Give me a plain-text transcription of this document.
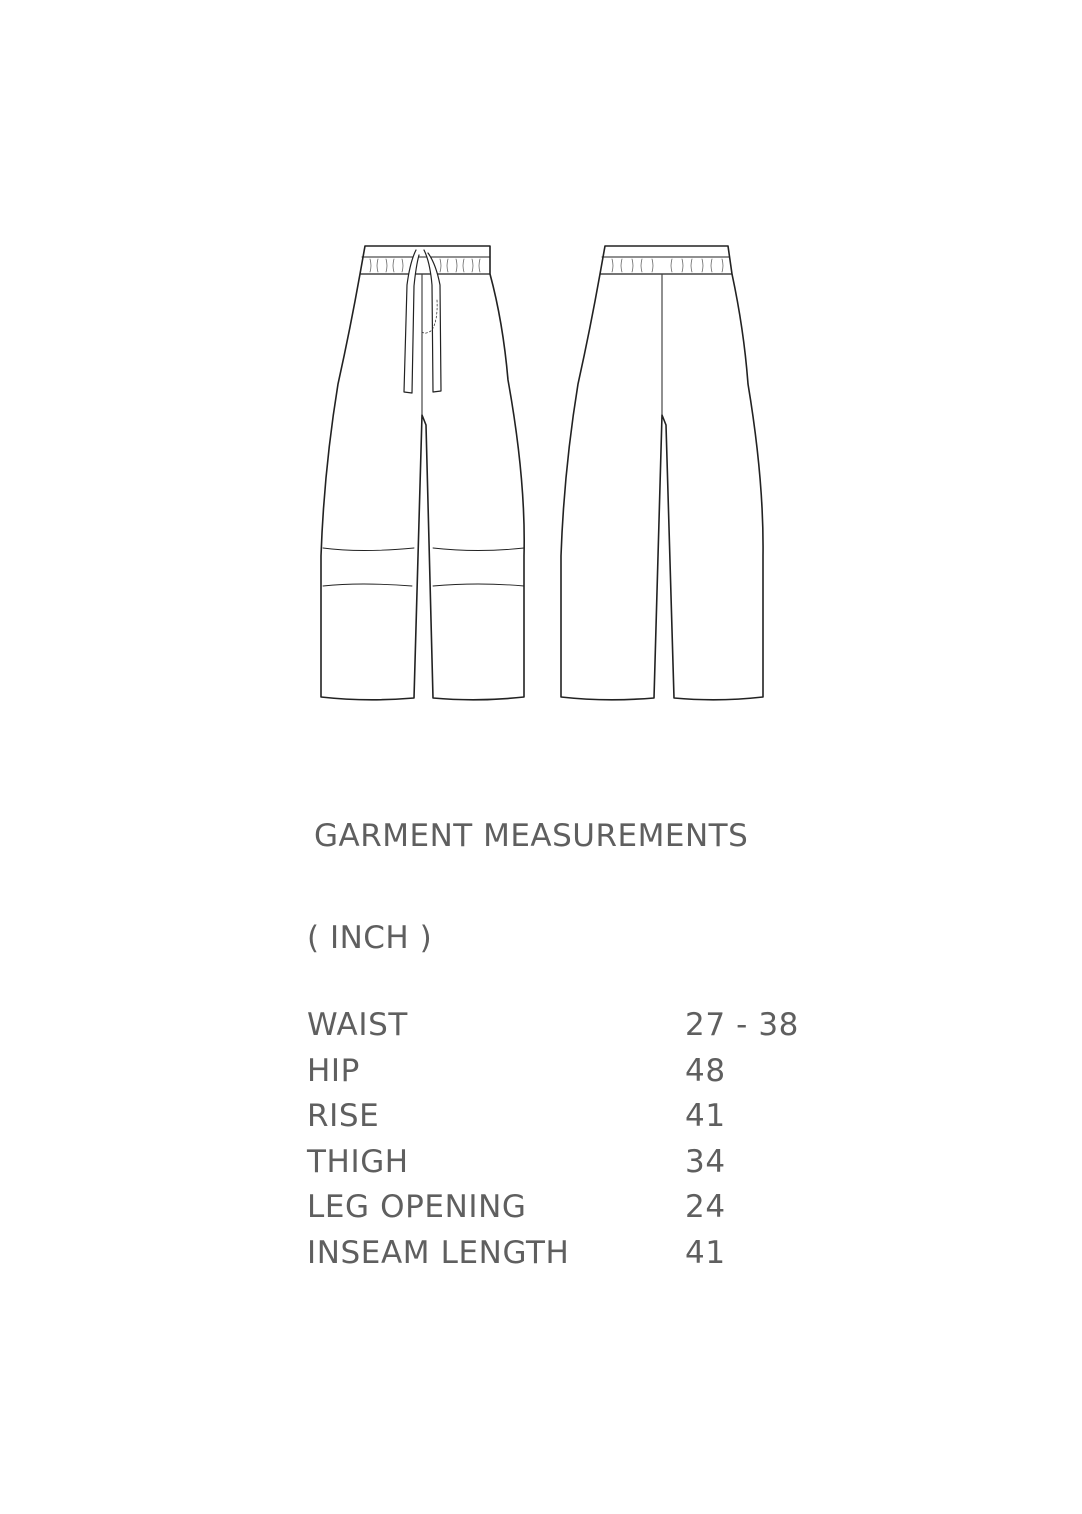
GARMENT MEASUREMENTS
( INCH )
WAIST	27 - 38
HIP	48
RISE	41
THIGH	34
LEG OPENING	24
INSEAM LENGTH	41
